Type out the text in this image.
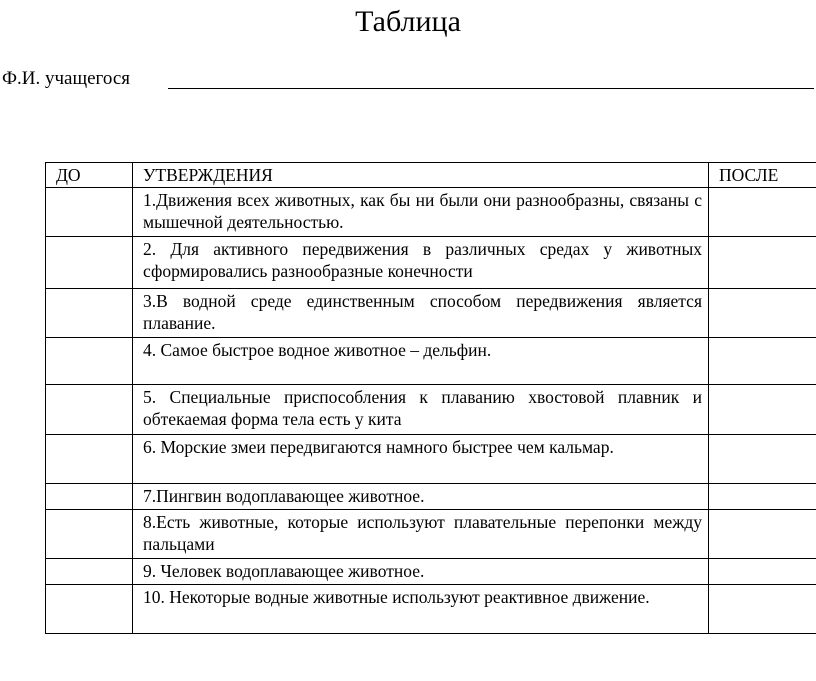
Таблица
Ф.И. учащегося
ДО	УТВЕРЖДЕНИЯ	ПОСЛЕ
	1.Движения всех животных, как бы ни были они разнообразны, связаны с мышечной деятельностью.	
	2. Для активного передвижения в различных средах у животных сформировались разнообразные конечности	
	3.В водной среде единственным способом передвижения является плавание.	
	4. Самое быстрое водное животное – дельфин.	
	5. Специальные приспособления к плаванию хвостовой плавник и обтекаемая форма тела есть у кита	
	6. Морские змеи передвигаются намного быстрее чем кальмар.	
	7.Пингвин водоплавающее животное.	
	8.Есть животные, которые используют плавательные перепонки между пальцами	
	9. Человек водоплавающее животное.	
	10. Некоторые водные животные используют реактивное движение.	
